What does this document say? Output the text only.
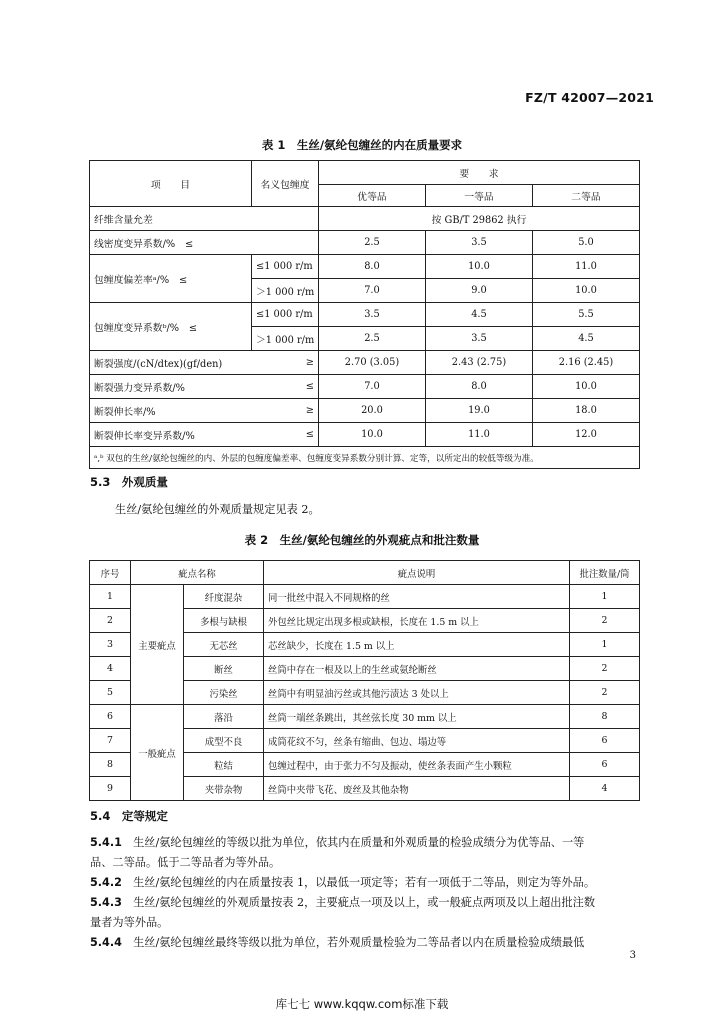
FZ/T 42007—2021
表 1　生丝/氨纶包缠丝的内在质量要求
项　　目	名义包缠度	要　　求		
		优等品	一等品	二等品
纤维含量允差		按 GB/T 29862 执行		
线密度变异系数/%　≤		2.5	3.5	5.0
包缠度偏差率ᵃ/%　≤	≤1 000 r/m	8.0	10.0	11.0
	＞1 000 r/m	7.0	9.0	10.0
包缠度变异系数ᵇ/%　≤	≤1 000 r/m	3.5	4.5	5.5
	＞1 000 r/m	2.5	3.5	4.5
断裂强度/(cN/dtex)(gf/den)	≥	2.70 (3.05)	2.43 (2.75)	2.16 (2.45)
断裂强力变异系数/%	≤	7.0	8.0	10.0
断裂伸长率/%	≥	20.0	19.0	18.0
断裂伸长率变异系数/%	≤	10.0	11.0	12.0
ᵃ,ᵇ 双包的生丝/氨纶包缠丝的内、外层的包缠度偏差率、包缠度变异系数分别计算、定等，以所定出的较低等级为准。				
5.3　外观质量
生丝/氨纶包缠丝的外观质量规定见表 2。
表 2　生丝/氨纶包缠丝的外观疵点和批注数量
序号	疵点名称		疵点说明	批注数量/筒
1	主要疵点	纤度混杂	同一批丝中混入不同规格的丝	1
2		多根与缺根	外包丝比规定出现多根或缺根，长度在 1.5 m 以上	2
3		无芯丝	芯丝缺少，长度在 1.5 m 以上	1
4		断丝	丝筒中存在一根及以上的生丝或氨纶断丝	2
5		污染丝	丝筒中有明显油污丝或其他污渍达 3 处以上	2
6	一般疵点	落沿	丝筒一端丝条跳出，其丝弦长度 30 mm 以上	8
7		成型不良	成筒花纹不匀，丝条有缩曲、包边、塌边等	6
8		粒结	包缠过程中，由于张力不匀及振动，使丝条表面产生小颗粒	6
9		夹带杂物	丝筒中夹带飞花、废丝及其他杂物	4
5.4　定等规定
5.4.1　 生丝/氨纶包缠丝的等级以批为单位，依其内在质量和外观质量的检验成绩分为优等品、一等
品、二等品。低于二等品者为等外品。
5.4.2　 生丝/氨纶包缠丝的内在质量按表 1，以最低一项定等；若有一项低于二等品，则定为等外品。
5.4.3　 生丝/氨纶包缠丝的外观质量按表 2，主要疵点一项及以上，或一般疵点两项及以上超出批注数
量者为等外品。
5.4.4　 生丝/氨纶包缠丝最终等级以批为单位，若外观质量检验为二等品者以内在质量检验成绩最低
3
库七七 www.kqqw.com标准下载
